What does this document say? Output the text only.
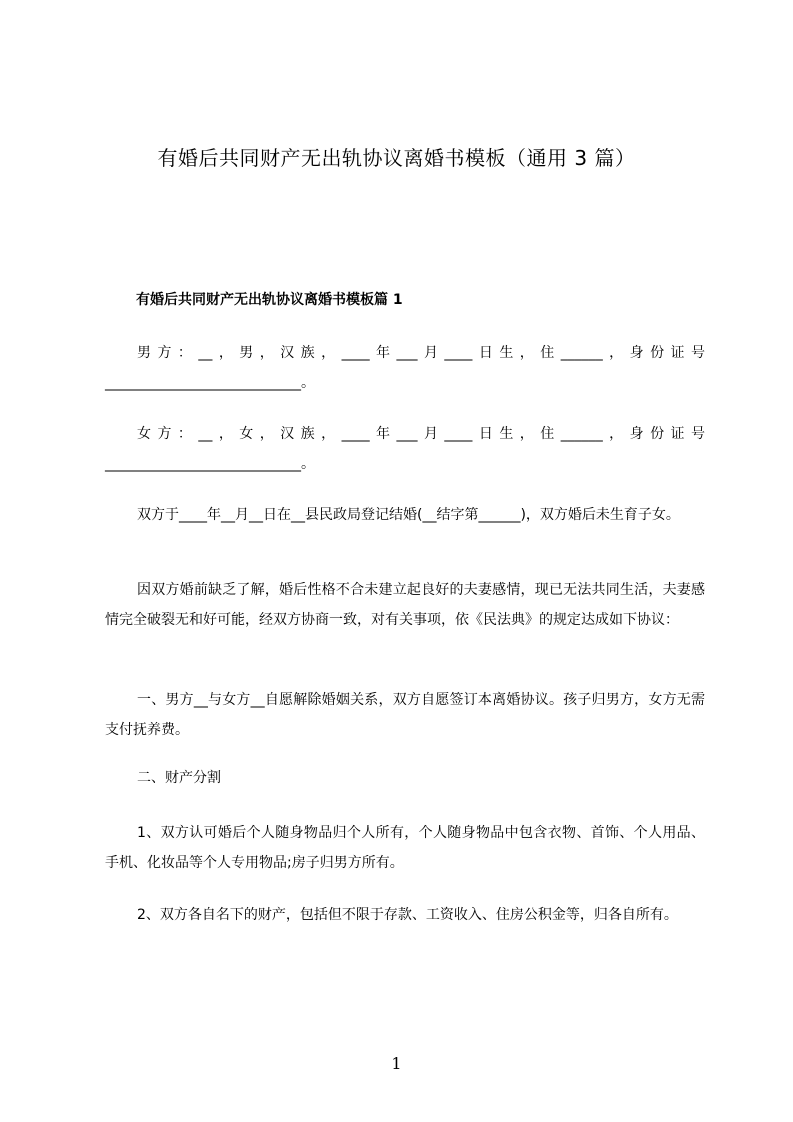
有婚后共同财产无出轨协议离婚书模板（通用 3 篇）
有婚后共同财产无出轨协议离婚书模板篇 1

男方：__，男，汉族，____年___月____日生，住______，身份证号____________________________。

女方：__，女，汉族，____年___月____日生，住______，身份证号____________________________。

双方于____年__月__日在__县民政局登记结婚(__结字第______)，双方婚后未生育子女。

因双方婚前缺乏了解，婚后性格不合未建立起良好的夫妻感情，现已无法共同生活，夫妻感情完全破裂无和好可能，经双方协商一致，对有关事项，依《民法典》的规定达成如下协议：

一、男方__与女方__自愿解除婚姻关系，双方自愿签订本离婚协议。孩子归男方，女方无需支付抚养费。

二、财产分割

1、双方认可婚后个人随身物品归个人所有，个人随身物品中包含衣物、首饰、个人用品、手机、化妆品等个人专用物品;房子归男方所有。

2、双方各自名下的财产，包括但不限于存款、工资收入、住房公积金等，归各自所有。

1
